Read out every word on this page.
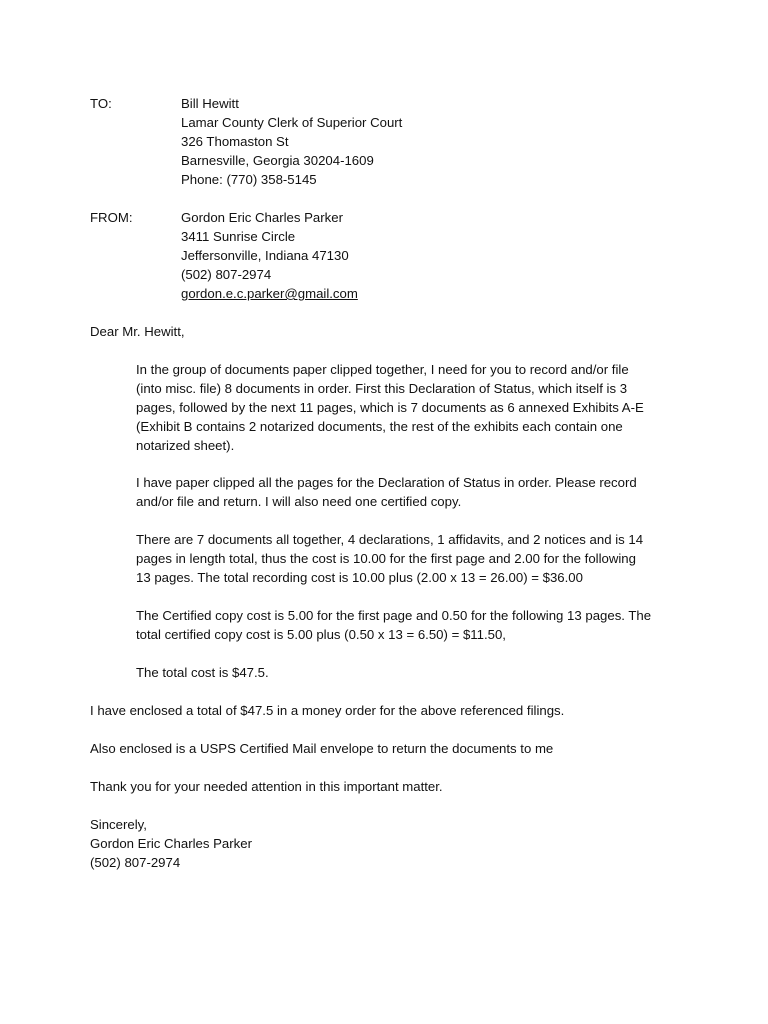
TO:	Bill Hewitt

Lamar County Clerk of Superior Court

326 Thomaston St

Barnesville, Georgia 30204-1609

Phone: (770) 358-5145

FROM:	Gordon Eric Charles Parker

3411 Sunrise Circle

Jeffersonville, Indiana 47130

(502) 807-2974

gordon.e.c.parker@gmail.com

Dear Mr. Hewitt,

In the group of documents paper clipped together, I need for you to record and/or file
(into misc. file) 8 documents in order. First this Declaration of Status, which itself is 3
pages, followed by the next 11 pages, which is 7 documents as 6 annexed Exhibits A-E
(Exhibit B contains 2 notarized documents, the rest of the exhibits each contain one
notarized sheet).
I have paper clipped all the pages for the Declaration of Status in order. Please record
and/or file and return. I will also need one certified copy.
There are 7 documents all together, 4 declarations, 1 affidavits, and 2 notices and is 14
pages in length total, thus the cost is 10.00 for the first page and 2.00 for the following
13 pages. The total recording cost is 10.00 plus (2.00 x 13 = 26.00) = $36.00
The Certified copy cost is 5.00 for the first page and 0.50 for the following 13 pages. The
total certified copy cost is 5.00 plus (0.50 x 13 = 6.50) = $11.50,
The total cost is $47.5.

I have enclosed a total of $47.5 in a money order for the above referenced filings.

Also enclosed is a USPS Certified Mail envelope to return the documents to me

Thank you for your needed attention in this important matter.

Sincerely,

Gordon Eric Charles Parker

(502) 807-2974
